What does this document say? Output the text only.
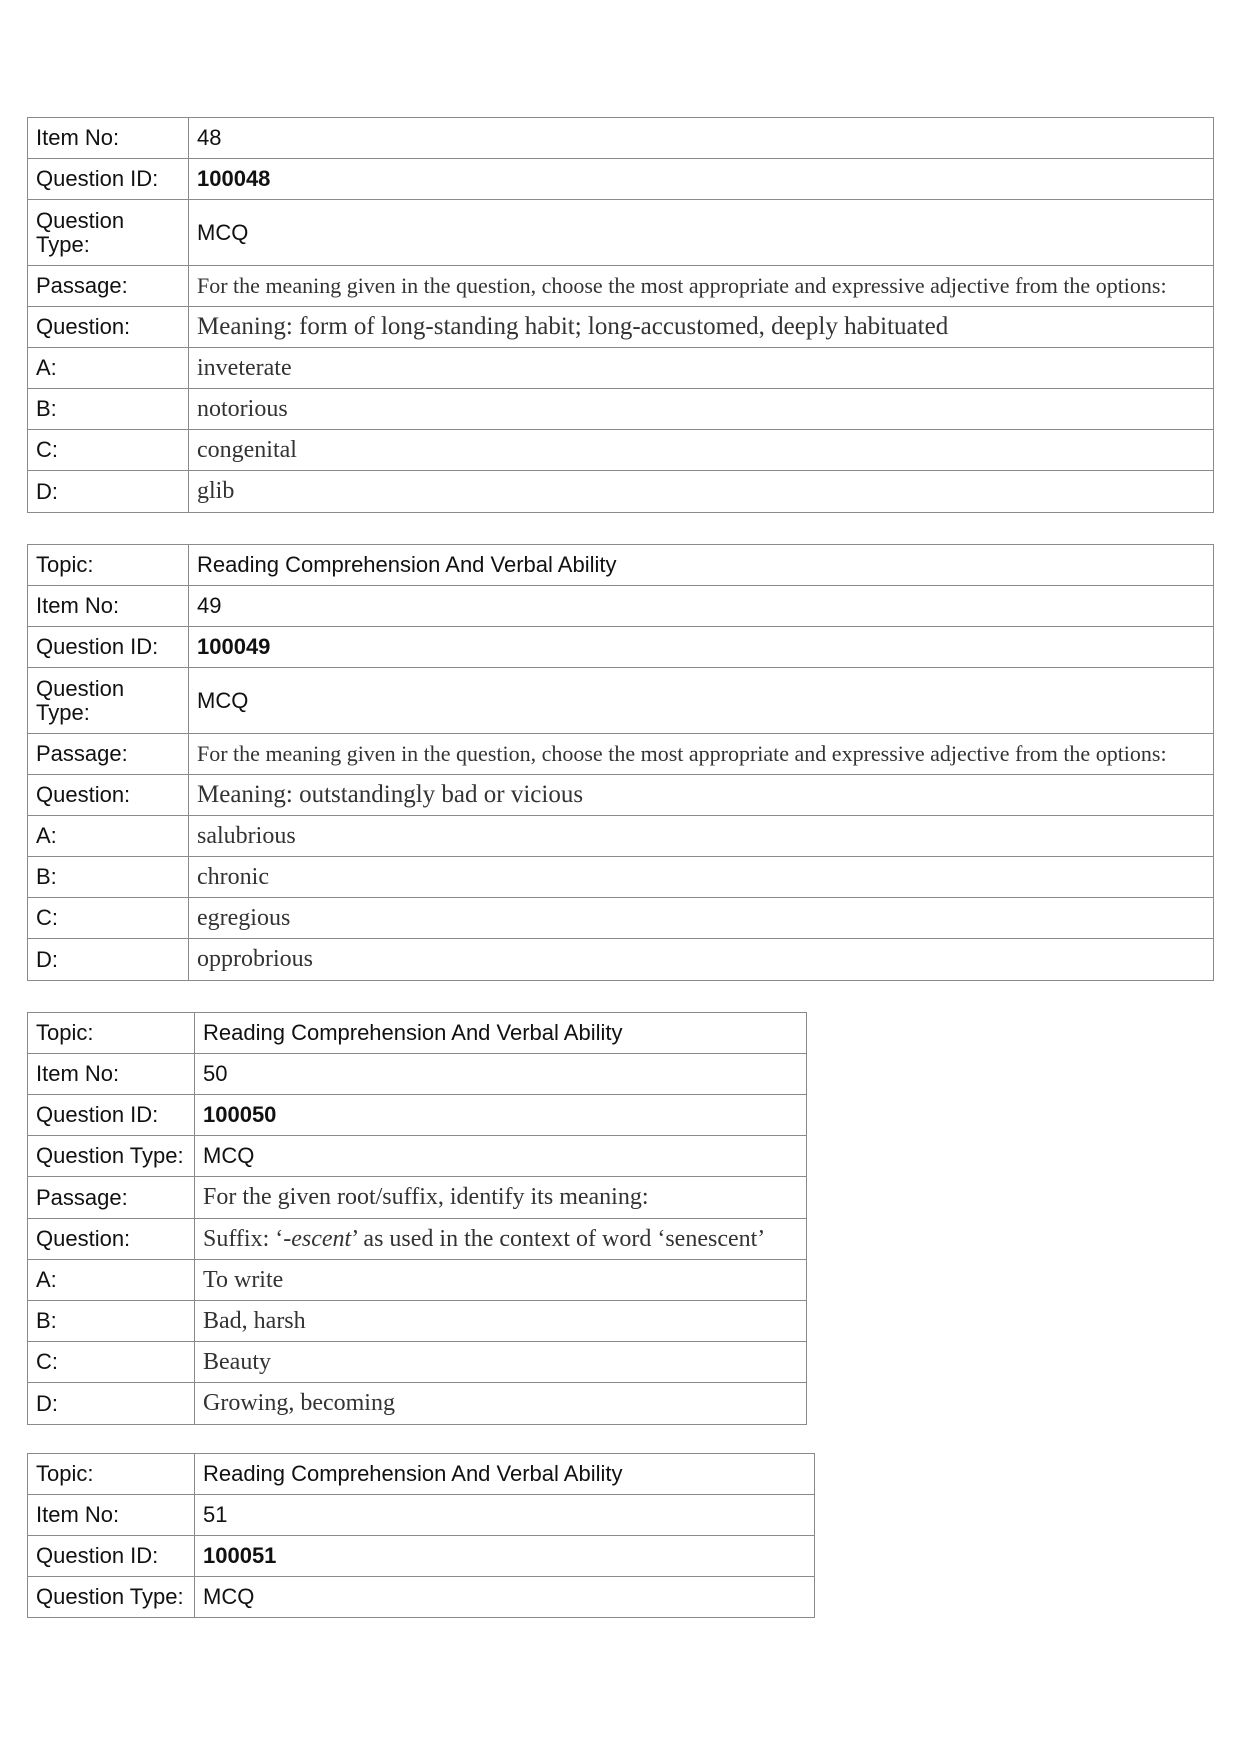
Item No:	48
Question ID:	100048
Question Type:	MCQ
Passage:	For the meaning given in the question, choose the most appropriate and expressive adjective from the options:
Question:	Meaning: form of long-standing habit; long-accustomed, deeply habituated
A:	inveterate
B:	notorious
C:	congenital
D:	glib
Topic:	Reading Comprehension And Verbal Ability
Item No:	49
Question ID:	100049
Question Type:	MCQ
Passage:	For the meaning given in the question, choose the most appropriate and expressive adjective from the options:
Question:	Meaning: outstandingly bad or vicious
A:	salubrious
B:	chronic
C:	egregious
D:	opprobrious
Topic:	Reading Comprehension And Verbal Ability
Item No:	50
Question ID:	100050
Question Type:	MCQ
Passage:	For the given root/suffix, identify its meaning:
Question:	Suffix: ‘-escent’ as used in the context of word ‘senescent’
A:	To write
B:	Bad, harsh
C:	Beauty
D:	Growing, becoming
Topic:	Reading Comprehension And Verbal Ability
Item No:	51
Question ID:	100051
Question Type:	MCQ
